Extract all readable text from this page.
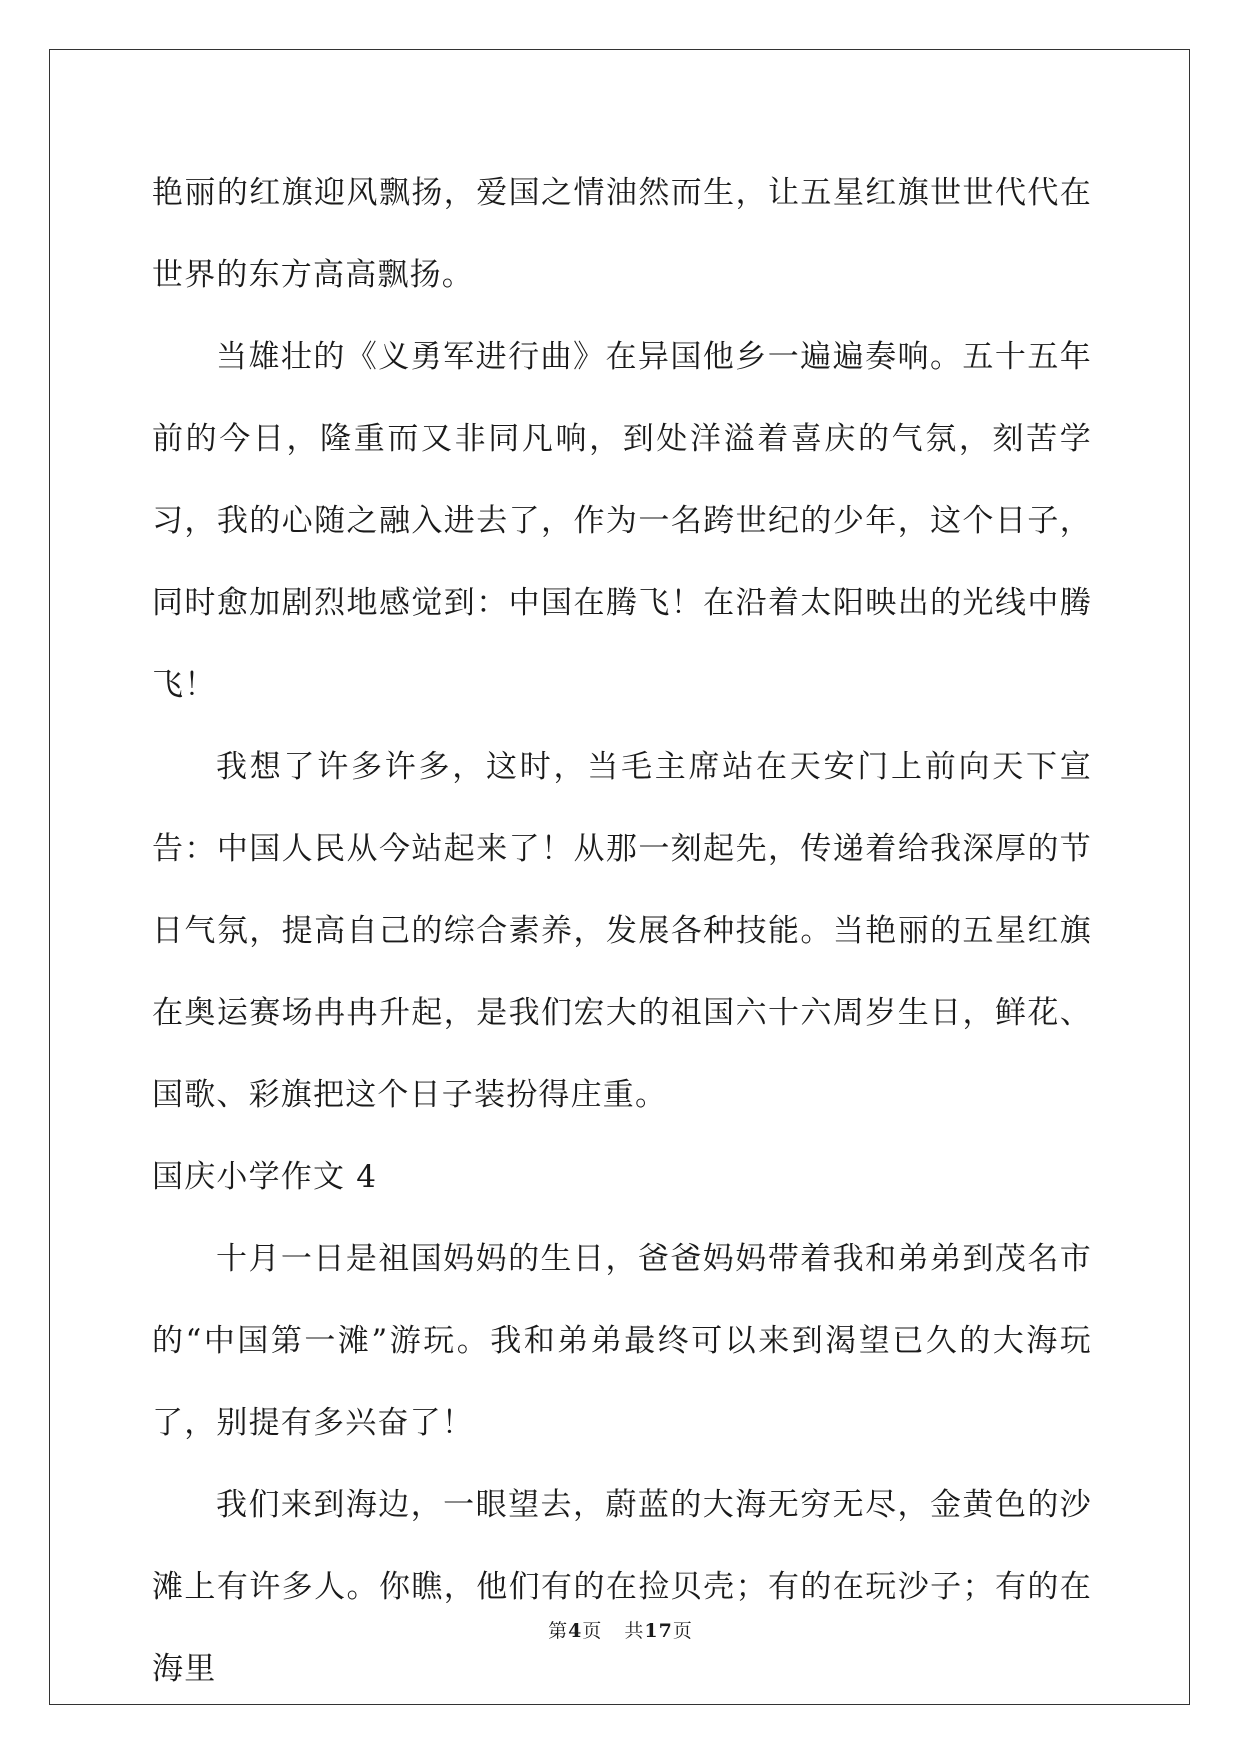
艳丽的红旗迎风飘扬，爱国之情油然而生，让五星红旗世世代代在世界的东方高高飘扬。

当雄壮的《义勇军进行曲》在异国他乡一遍遍奏响。五十五年前的今日，隆重而又非同凡响，到处洋溢着喜庆的气氛，刻苦学习，我的心随之融入进去了，作为一名跨世纪的少年，这个日子，同时愈加剧烈地感觉到：中国在腾飞！在沿着太阳映出的光线中腾飞！

我想了许多许多，这时，当毛主席站在天安门上前向天下宣告：中国人民从今站起来了！从那一刻起先，传递着给我深厚的节日气氛，提高自己的综合素养，发展各种技能。当艳丽的五星红旗在奥运赛场冉冉升起，是我们宏大的祖国六十六周岁生日，鲜花、国歌、彩旗把这个日子装扮得庄重。

国庆小学作文 4

十月一日是祖国妈妈的生日，爸爸妈妈带着我和弟弟到茂名市的“中国第一滩”游玩。我和弟弟最终可以来到渴望已久的大海玩了，别提有多兴奋了！

我们来到海边，一眼望去，蔚蓝的大海无穷无尽，金黄色的沙滩上有许多人。你瞧，他们有的在捡贝壳；有的在玩沙子；有的在海里

第4页 共17页
